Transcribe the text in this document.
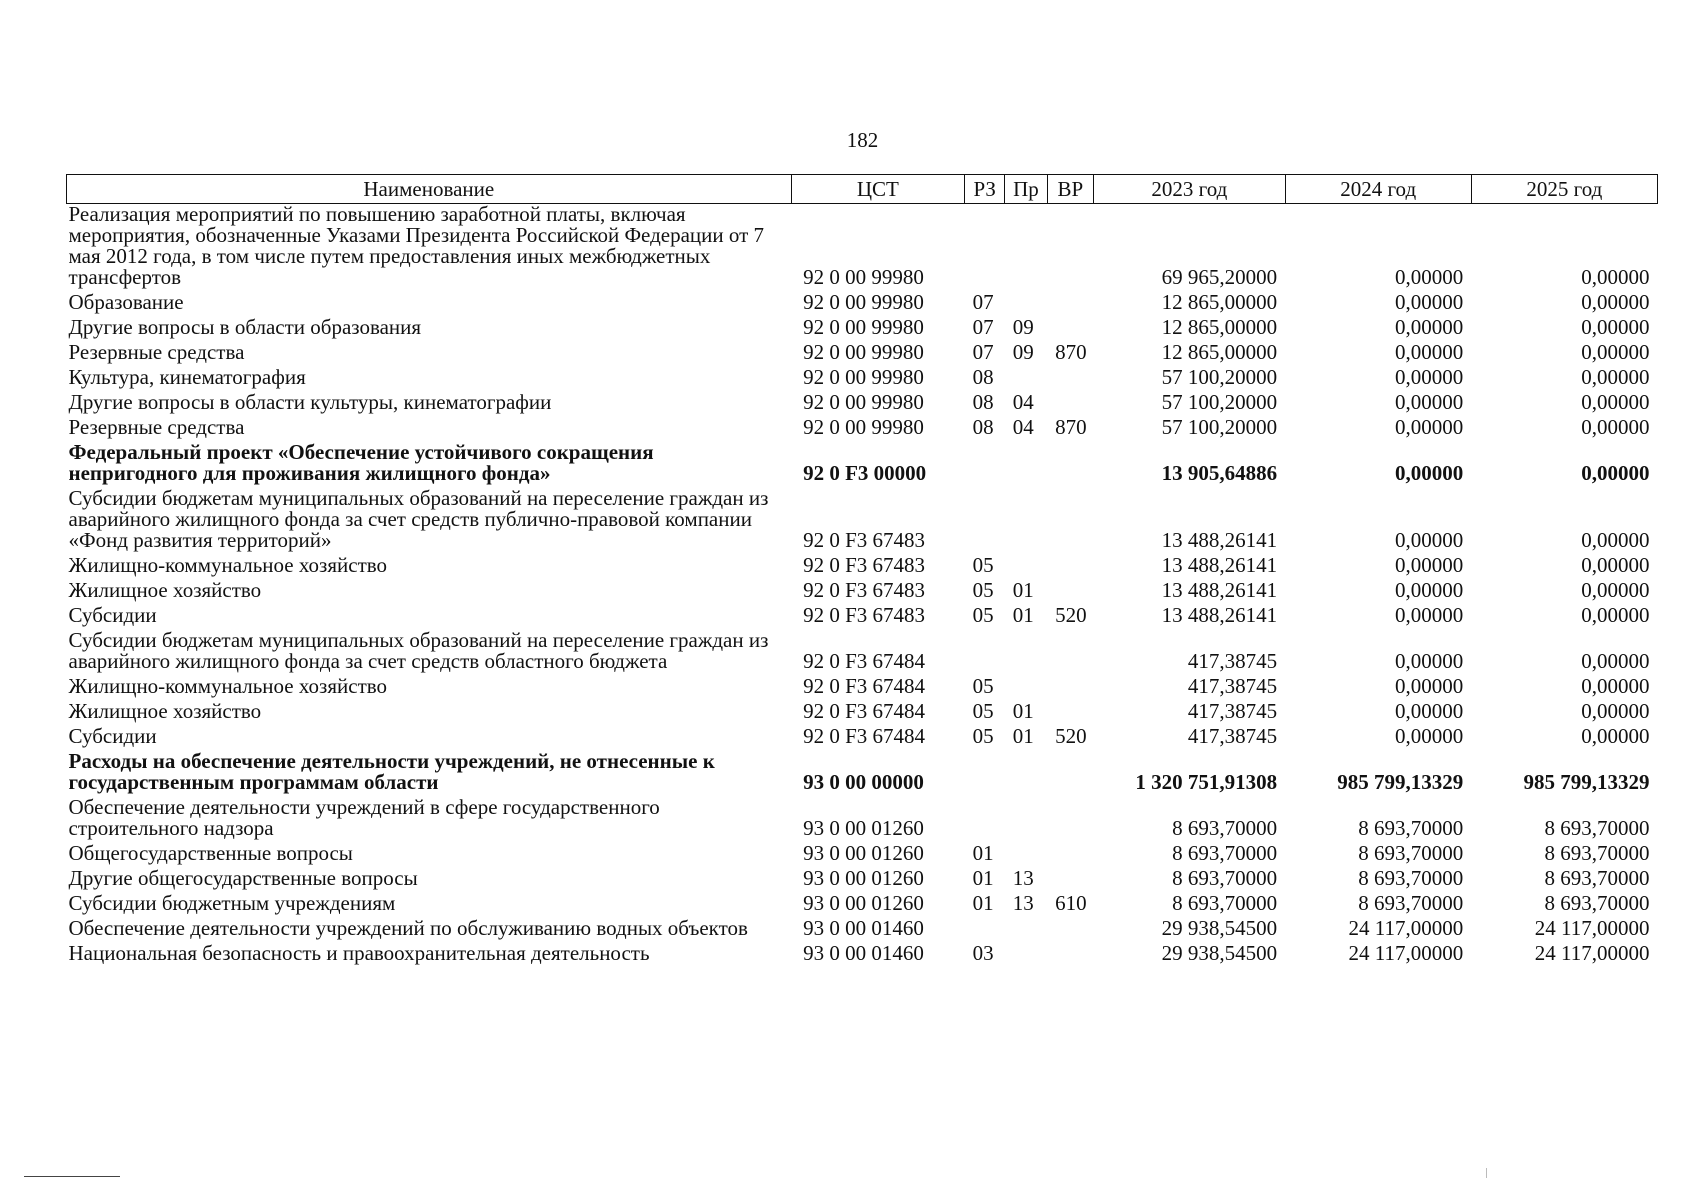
182
Наименование	ЦСТ	РЗ	Пр	ВР	2023 год	2024 год	2025 год
Реализация мероприятий по повышению заработной платы, включая мероприятия, обозначенные Указами Президента Российской Федерации от 7 мая 2012 года, в том числе путем предоставления иных межбюджетных трансфертов	92 0 00 99980				69 965,20000	0,00000	0,00000
Образование	92 0 00 99980	07			12 865,00000	0,00000	0,00000
Другие вопросы в области образования	92 0 00 99980	07	09		12 865,00000	0,00000	0,00000
Резервные средства	92 0 00 99980	07	09	870	12 865,00000	0,00000	0,00000
Культура, кинематография	92 0 00 99980	08			57 100,20000	0,00000	0,00000
Другие вопросы в области культуры, кинематографии	92 0 00 99980	08	04		57 100,20000	0,00000	0,00000
Резервные средства	92 0 00 99980	08	04	870	57 100,20000	0,00000	0,00000
Федеральный проект «Обеспечение устойчивого сокращения непригодного для проживания жилищного фонда»	92 0 F3 00000				13 905,64886	0,00000	0,00000
Субсидии бюджетам муниципальных образований на переселение граждан из аварийного жилищного фонда за счет средств публично-правовой компании «Фонд развития территорий»	92 0 F3 67483				13 488,26141	0,00000	0,00000
Жилищно-коммунальное хозяйство	92 0 F3 67483	05			13 488,26141	0,00000	0,00000
Жилищное хозяйство	92 0 F3 67483	05	01		13 488,26141	0,00000	0,00000
Субсидии	92 0 F3 67483	05	01	520	13 488,26141	0,00000	0,00000
Субсидии бюджетам муниципальных образований на переселение граждан из аварийного жилищного фонда за счет средств областного бюджета	92 0 F3 67484				417,38745	0,00000	0,00000
Жилищно-коммунальное хозяйство	92 0 F3 67484	05			417,38745	0,00000	0,00000
Жилищное хозяйство	92 0 F3 67484	05	01		417,38745	0,00000	0,00000
Субсидии	92 0 F3 67484	05	01	520	417,38745	0,00000	0,00000
Расходы на обеспечение деятельности учреждений, не отнесенные к государственным программам области	93 0 00 00000				1 320 751,91308	985 799,13329	985 799,13329
Обеспечение деятельности учреждений в сфере государственного строительного надзора	93 0 00 01260				8 693,70000	8 693,70000	8 693,70000
Общегосударственные вопросы	93 0 00 01260	01			8 693,70000	8 693,70000	8 693,70000
Другие общегосударственные вопросы	93 0 00 01260	01	13		8 693,70000	8 693,70000	8 693,70000
Субсидии бюджетным учреждениям	93 0 00 01260	01	13	610	8 693,70000	8 693,70000	8 693,70000
Обеспечение деятельности учреждений по обслуживанию водных объектов	93 0 00 01460				29 938,54500	24 117,00000	24 117,00000
Национальная безопасность и правоохранительная деятельность	93 0 00 01460	03			29 938,54500	24 117,00000	24 117,00000
